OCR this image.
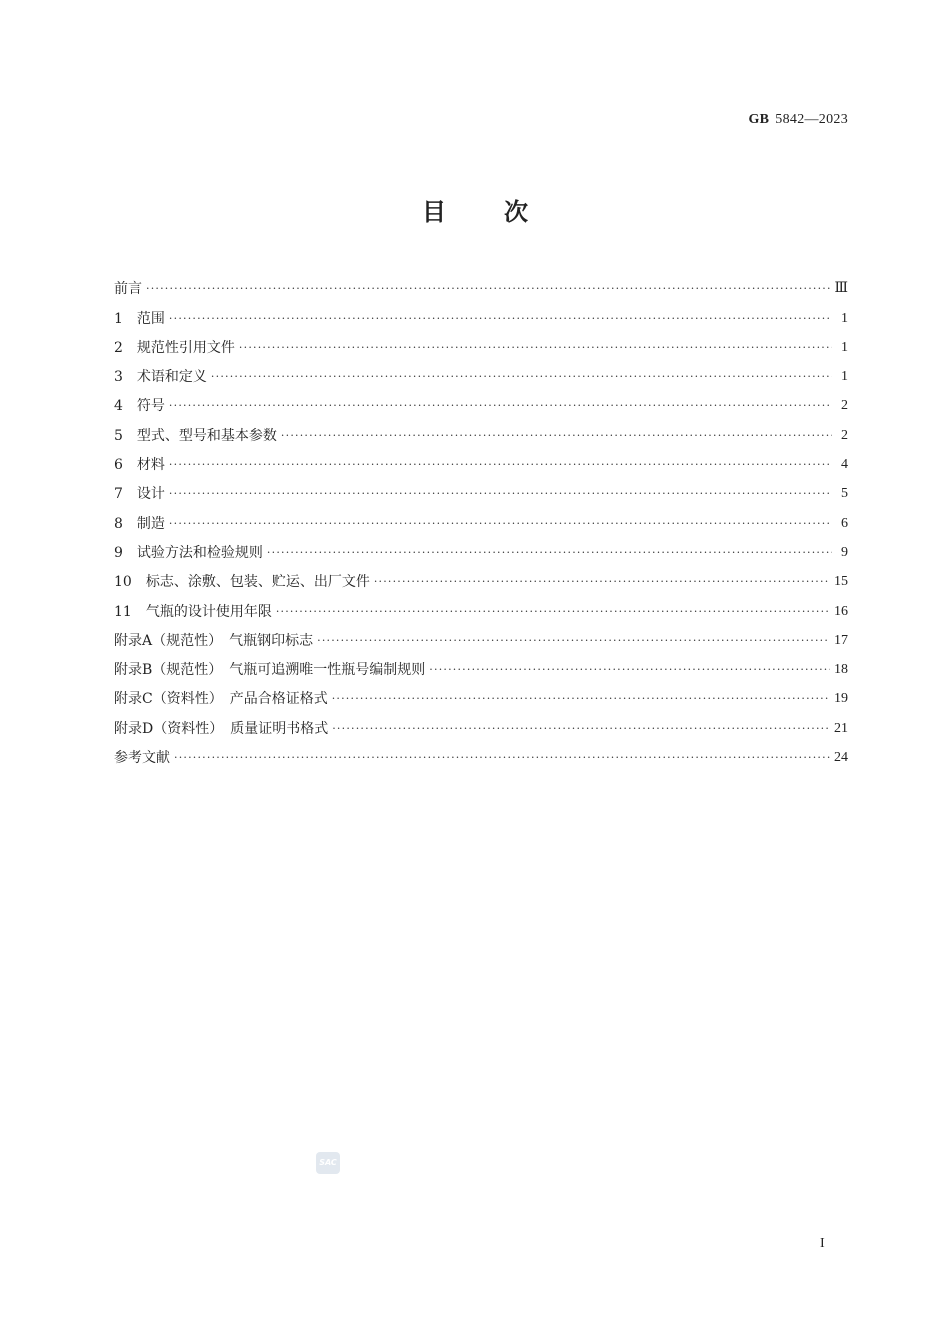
GB 5842—2023
目次
前言 ·····	Ⅲ
1　范围 ·····	1
2　规范性引用文件 ·····	1
3　术语和定义 ·····	1
4　符号 ·····	2
5　型式、型号和基本参数 ·····	2
6　材料 ·····	4
7　设计 ·····	5
8　制造 ·····	6
9　试验方法和检验规则 ·····	9
10　标志、涂敷、包装、贮运、出厂文件 ·····	15
11　气瓶的设计使用年限 ·····	16
附录A（规范性）　气瓶钢印标志 ·····	17
附录B（规范性）　气瓶可追溯唯一性瓶号编制规则 ·····	18
附录C（资料性）　产品合格证格式 ·····	19
附录D（资料性）　质量证明书格式 ·····	21
参考文献 ·····	24
SAC
I
